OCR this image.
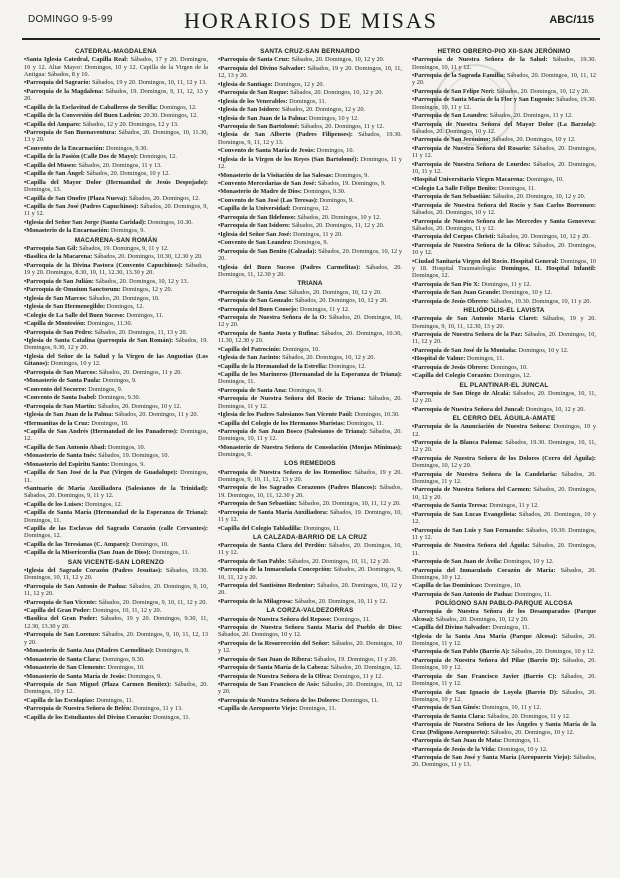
DOMINGO 9-5-99	HORARIOS DE MISAS	ABC/115
CATEDRAL-MAGDALENA
• Santa Iglesia Catedral, Capilla Real: Sábados, 17 y 20. Domingos, 10 y 12. Altar Mayor: Domingos, 10 y 12. Capilla de la Virgen de la Antigua: Sábados, 8 y 10.
• Parroquia del Sagrario: Sábados, 19 y 20. Domingos, 10, 11, 12 y 13.
• Parroquia de la Magdalena: Sábados, 19. Domingos, 9, 11, 12, 13 y 20.
• Capilla de la Esclavitud de Caballeros de Sevilla: Domingos, 12.
• Capilla de la Conversión del Buen Ladrón: 20.30. Domingos, 12.
• Capilla del Amparo: Sábados, 12 y 20. Domingos, 12 y 13.
• Parroquia de San Buenaventura: Sábados, 20. Domingos, 10, 11.30, 13 y 20.
• Convento de la Encarnación: Domingos, 9.30.
• Capilla de la Pasión (Calle Dos de Mayo): Domingos, 12.
• Capilla del Museo: Sábados, 20. Domingos, 11 y 13.
• Capilla de San Ángel: Sábados, 20. Domingos, 10 y 12.
• Capilla del Mayor Dolor (Hermandad de Jesús Despojado): Domingos, 13.
• Capilla de San Onofre (Plaza Nueva): Sábados, 20. Domingos, 12.
• Capilla de San José (Padres Capuchinos): Sábados, 20. Domingos, 9, 11 y 12.
• Iglesia del Señor San Jorge (Santa Caridad): Domingos, 10.30.
• Monasterio de la Encarnación: Domingos, 9.
MACARENA-SAN ROMÁN
• Parroquia San Gil: Sábados, 19. Domingos, 9, 11 y 12.
• Basílica de la Macarena: Sábados, 20. Domingos, 10.30, 12.30 y 20.
• Parroquia de la Divina Pastora (Convento Capuchinos): Sábados, 19 y 20. Domingos, 8.30, 10, 11, 12.30, 13.30 y 20.
• Parroquia de San Julián: Sábados, 20. Domingos, 10, 12 y 13.
• Parroquia de Omnium Sanctorum: Domingos, 12 y 20.
• Iglesia de San Marcos: Sábados, 20. Domingos, 10.
• Iglesia de San Hermenegildo: Domingos, 12.
• Colegio de La Salle del Buen Suceso: Domingos, 11.
• Capilla de Montesión: Domingos, 11.30.
• Parroquia de San Pedro: Sábados, 20. Domingos, 11, 13 y 20.
• Iglesia de Santa Catalina (parroquia de San Román): Sábados, 19. Domingos, 9.30, 12 y 20.
• Iglesia del Señor de la Salud y la Virgen de las Angustias (Los Gitanos): Domingos, 10 y 12.
• Parroquia de San Marcos: Sábados, 20. Domingos, 11 y 20.
• Monasterio de Santa Paula: Domingos, 9.
• Convento del Socorro: Domingos, 9.
• Convento de Santa Isabel: Domingos, 9.30.
• Parroquia de San Martín: Sábados, 20. Domingos, 10 y 12.
• Iglesia de San Juan de la Palma: Sábados, 20. Domingos, 11 y 20.
• Hermanitas de la Cruz: Domingos, 10.
• Capilla de San Andrés (Hermandad de los Panaderos): Domingos, 12.
• Capilla de San Antonio Abad: Domingos, 10.
• Monasterio de Santa Inés: Sábados, 19. Domingos, 10.
• Monasterio del Espíritu Santo: Domingos, 9.
• Capilla de San José de la Paz (Virgen de Guadalupe): Domingos, 11.
• Santuario de María Auxiliadora (Salesianos de la Trinidad): Sábados, 20. Domingos, 9, 11 y 12.
• Capilla de los Luises: Domingos, 12.
• Capilla de Santa María (Hermandad de la Esperanza de Triana): Domingos, 11.
• Capilla de las Esclavas del Sagrado Corazón (calle Cervantes): Domingos, 12.
• Capilla de las Teresianas (C. Amparo): Domingos, 10.
• Capilla de la Misericordia (San Juan de Dios): Domingos, 11.
SAN VICENTE-SAN LORENZO
• Iglesia del Sagrado Corazón (Padres Jesuitas): Sábados, 19.30. Domingos, 10, 11, 12 y 20.
• Parroquia de San Antonio de Padua: Sábados, 20. Domingos, 9, 10, 11, 12 y 20.
• Parroquia de San Vicente: Sábados, 20. Domingos, 9, 10, 11, 12 y 20.
• Capilla del Gran Poder: Domingos, 10, 11, 12 y 20.
• Basílica del Gran Poder: Sábados, 19 y 20. Domingos, 9.30, 11, 12.30, 13.30 y 20.
• Parroquia de San Lorenzo: Sábados, 20. Domingos, 9, 10, 11, 12, 13 y 20.
• Monasterio de Santa Ana (Madres Carmelitas): Domingos, 9.
• Monasterio de Santa Clara: Domingos, 9.30.
• Monasterio de San Clemente: Domingos, 10.
• Monasterio de Santa María de Jesús: Domingos, 9.
• Parroquia de San Miguel (Plaza Carmen Benítez): Sábados, 20. Domingos, 10 y 12.
• Capilla de las Escolapias: Domingos, 11.
• Parroquia de Nuestra Señora de Belén: Domingos, 11 y 13.
• Capilla de los Estudiantes del Divino Corazón: Domingos, 11.
SANTA CRUZ-SAN BERNARDO
• Parroquia de Santa Cruz: Sábados, 20. Domingos, 10, 12 y 20.
• Parroquia del Divino Salvador: Sábados, 19 y 20. Domingos, 10, 11, 12, 13 y 20.
• Iglesia de Santiago: Domingos, 12 y 20.
• Parroquia de San Roque: Sábados, 20. Domingos, 10, 12 y 20.
• Iglesia de los Venerables: Domingos, 11.
• Iglesia de San Isidoro: Sábados, 20. Domingos, 12 y 20.
• Iglesia de San Juan de la Palma: Domingos, 10 y 12.
• Parroquia de San Bartolomé: Sábados, 20. Domingos, 11 y 12.
• Iglesia de San Alberto (Padres Filipenses): Sábados, 19.30. Domingos, 9, 11, 12 y 13.
• Convento de Santa María de Jesús: Domingos, 10.
• Iglesia de la Virgen de los Reyes (San Bartolomé): Domingos, 11 y 12.
• Monasterio de la Visitación de las Salesas: Domingos, 9.
• Convento Mercedarias de San José: Sábados, 19. Domingos, 9.
• Monasterio de Madre de Dios: Domingos, 9.30.
• Convento de San José (Las Teresas): Domingos, 9.
• Capilla de la Universidad: Domingos, 12.
• Parroquia de San Ildefonso: Sábados, 20. Domingos, 10 y 12.
• Parroquia de San Isidoro: Sábados, 20. Domingos, 11, 12 y 20.
• Iglesia del Señor San José: Domingos, 11 y 20.
• Convento de San Leandro: Domingos, 9.
• Parroquia de San Benito (Calzada): Sábados, 20. Domingos, 10, 12 y 20.
• Iglesia del Buen Suceso (Padres Carmelitas): Sábados, 20. Domingos, 11, 12.30 y 20.
TRIANA
• Parroquia de Santa Ana: Sábados, 20. Domingos, 10, 12 y 20.
• Parroquia de San Gonzalo: Sábados, 20. Domingos, 10, 12 y 20.
• Parroquia del Buen Consejo: Domingos, 11 y 12.
• Parroquia de Nuestra Señora de la O: Sábados, 20. Domingos, 10, 12 y 20.
• Parroquia de Santa Justa y Rufina: Sábados, 20. Domingos, 10.30, 11.30, 12.30 y 20.
• Capilla del Patrocinio: Domingos, 10.
• Iglesia de San Jacinto: Sábados, 20. Domingos, 10, 12 y 20.
• Capilla de la Hermandad de la Estrella: Domingos, 12.
• Capilla de los Marineros (Hermandad de la Esperanza de Triana): Domingos, 11.
• Parroquia de Santa Ana: Domingos, 9.
• Parroquia de Nuestra Señora del Rocío de Triana: Sábados, 20. Domingos, 11 y 12.
• Iglesia de los Padres Salesianos San Vicente Paúl: Domingos, 10.30.
• Capilla del Colegio de los Hermanos Maristas: Domingos, 11.
• Parroquia de San Juan Bosco (Salesianos de Triana): Sábados, 20. Domingos, 10, 11 y 12.
• Monasterio de Nuestra Señora de Consolación (Monjas Mínimas): Domingos, 9.
LOS REMEDIOS
• Parroquia de Nuestra Señora de los Remedios: Sábados, 19 y 20. Domingos, 9, 10, 11, 12, 13 y 20.
• Parroquia de los Sagrados Corazones (Padres Blancos): Sábados, 19. Domingos, 10, 11, 12.30 y 20.
• Parroquia de San Sebastián: Sábados, 20. Domingos, 10, 11, 12 y 20.
• Parroquia de Santa María Auxiliadora: Sábados, 19. Domingos, 10, 11 y 12.
• Capilla del Colegio Tabladilla: Domingos, 11.
LA CALZADA-BARRIO DE LA CRUZ
• Parroquia de Santa Clara del Perdón: Sábados, 20. Domingos, 10, 11 y 12.
• Parroquia de San Pablo: Sábados, 20. Domingos, 10, 11, 12 y 20.
• Parroquia de la Inmaculada Concepción: Sábados, 20. Domingos, 9, 10, 11, 12 y 20.
• Parroquia del Santísimo Redentor: Sábados, 20. Domingos, 10, 12 y 20.
• Parroquia de la Milagrosa: Sábados, 20. Domingos, 10, 11 y 12.
LA CORZA-VALDEZORRAS
• Parroquia de Nuestra Señora del Reposo: Domingos, 11.
• Parroquia de Nuestra Señora Santa María del Pueblo de Dios: Sábados, 20. Domingos, 10 y 12.
• Parroquia de la Resurrección del Señor: Sábados, 20. Domingos, 10 y 12.
• Parroquia de San Juan de Ribera: Sábados, 19. Domingos, 11 y 20.
• Parroquia de Santa María de la Cabeza: Sábados, 20. Domingos, 12.
• Parroquia de Nuestra Señora de la Oliva: Domingos, 11 y 12.
• Parroquia de San Francisco de Asís: Sábados, 20. Domingos, 10, 12 y 20.
• Parroquia de Nuestra Señora de los Dolores: Domingos, 11.
• Capilla de Aeropuerto Viejo: Domingos, 11.
HETRO OBRERO-PIO XII-SAN JERÓNIMO
• Parroquia de Nuestra Señora de la Salud: Sábados, 19.30. Domingos, 10, 11 y 12.
• Parroquia de la Sagrada Familia: Sábados, 20. Domingos, 10, 11, 12 y 20.
• Parroquia de San Felipe Neri: Sábados, 20. Domingos, 10, 12 y 20.
• Parroquia de Santa María de la Flor y San Eugenio: Sábados, 19.30. Domingos, 10, 11 y 12.
• Parroquia de San Leandro: Sábados, 20. Domingos, 11 y 12.
• Parroquia de Nuestra Señora del Mayor Dolor (La Barzola): Sábados, 20. Domingos, 10 y 12.
• Parroquia de San Jerónimo: Sábados, 20. Domingos, 10 y 12.
• Parroquia de Nuestra Señora del Rosario: Sábados, 20. Domingos, 11 y 12.
• Parroquia de Nuestra Señora de Lourdes: Sábados, 20. Domingos, 10, 11 y 12.
• Hospital Universitario Virgen Macarena: Domingos, 10.
• Colegio La Salle Felipe Benito: Domingos, 11.
• Parroquia de San Sebastián: Sábados, 20. Domingos, 10, 12 y 20.
• Parroquia de Nuestra Señora del Rocío y San Carlos Borromeo: Sábados, 20. Domingos, 10 y 12.
• Parroquia de Nuestra Señora de las Mercedes y Santa Genoveva: Sábados, 20. Domingos, 11 y 12.
• Parroquia del Corpus Christi: Sábados, 20. Domingos, 10, 12 y 20.
• Parroquia de Nuestra Señora de la Oliva: Sábados, 20. Domingos, 10 y 12.
• Ciudad Sanitaria Virgen del Rocío. Hospital General: Domingos, 10 y 18. Hospital Traumatología: Domingos, 11. Hospital Infantil: Domingos, 12.
• Parroquia de San Pío X: Domingos, 11 y 12.
• Parroquia de San Juan Grande: Domingos, 10 y 12.
• Parroquia de Jesús Obrero: Sábados, 19.30. Domingos, 10, 11 y 20.
HELIÓPOLIS-EL LAVISTA
• Parroquia de San Antonio María Claret: Sábados, 19 y 20. Domingos, 9, 10, 11, 12.30, 13 y 20.
• Parroquia de Nuestra Señora de la Paz: Sábados, 20. Domingos, 10, 11, 12 y 20.
• Parroquia de San José de la Montaña: Domingos, 10 y 12.
• Hospital de Valme: Domingos, 11.
• Parroquia de Jesús Obrero: Domingos, 10.
• Capilla del Colegio Corazón: Domingos, 12.
EL PLANTINAR-EL JUNCAL
• Parroquia de San Diego de Alcalá: Sábados, 20. Domingos, 10, 11, 12 y 20.
• Parroquia de Nuestra Señora del Juncal: Domingos, 10, 12 y 20.
EL CERRO DEL ÁGUILA-AMATE
• Parroquia de la Anunciación de Nuestra Señora: Domingos, 10 y 12.
• Parroquia de la Blanca Paloma: Sábados, 19.30. Domingos, 10, 11, 12 y 20.
• Parroquia de Nuestra Señora de los Dolores (Cerro del Águila): Domingos, 10, 12 y 20.
• Parroquia de Nuestra Señora de la Candelaria: Sábados, 20. Domingos, 11 y 12.
• Parroquia de Nuestra Señora del Carmen: Sábados, 20. Domingos, 10, 12 y 20.
• Parroquia de Santa Teresa: Domingos, 11 y 12.
• Parroquia de San Lucas Evangelista: Sábados, 20. Domingos, 10 y 12.
• Parroquia de San Luis y San Fernando: Sábados, 19.30. Domingos, 11 y 12.
• Parroquia de Nuestra Señora del Águila: Sábados, 20. Domingos, 11.
• Parroquia de San Juan de Ávila: Domingos, 10 y 12.
• Parroquia del Inmaculado Corazón de María: Sábados, 20. Domingos, 10 y 12.
• Capilla de las Dominicas: Domingos, 10.
• Parroquia de San Antonio de Padua: Domingos, 11.
POLÍGONO SAN PABLO-PARQUE ALCOSA
• Parroquia de Nuestra Señora de los Desamparados (Parque Alcosa): Sábados, 20. Domingos, 10, 12 y 20.
• Capilla del Divino Salvador: Domingos, 11.
• Iglesia de la Santa Ana María (Parque Alcosa): Sábados, 20. Domingos, 11 y 12.
• Parroquia de San Pablo (Barrio A): Sábados, 20. Domingos, 10 y 12.
• Parroquia de Nuestra Señora del Pilar (Barrio D): Sábados, 20. Domingos, 10 y 12.
• Parroquia de San Francisco Javier (Barrio C): Sábados, 20. Domingos, 11 y 12.
• Parroquia de San Ignacio de Loyola (Barrio D): Sábados, 20. Domingos, 10 y 12.
• Parroquia de San Ginés: Domingos, 10, 11 y 12.
• Parroquia de Santa Clara: Sábados, 20. Domingos, 11 y 12.
• Parroquia de Nuestra Señora de los Ángeles y Santa María de la Cruz (Polígono Aeropuerto): Sábados, 20. Domingos, 10 y 12.
• Parroquia de San Juan de Mata: Domingos, 11.
• Parroquia de Jesús de la Vida: Domingos, 10 y 12.
• Parroquia de San José y Santa María (Aeropuerto Viejo): Sábados, 20. Domingos, 11 y 13.
